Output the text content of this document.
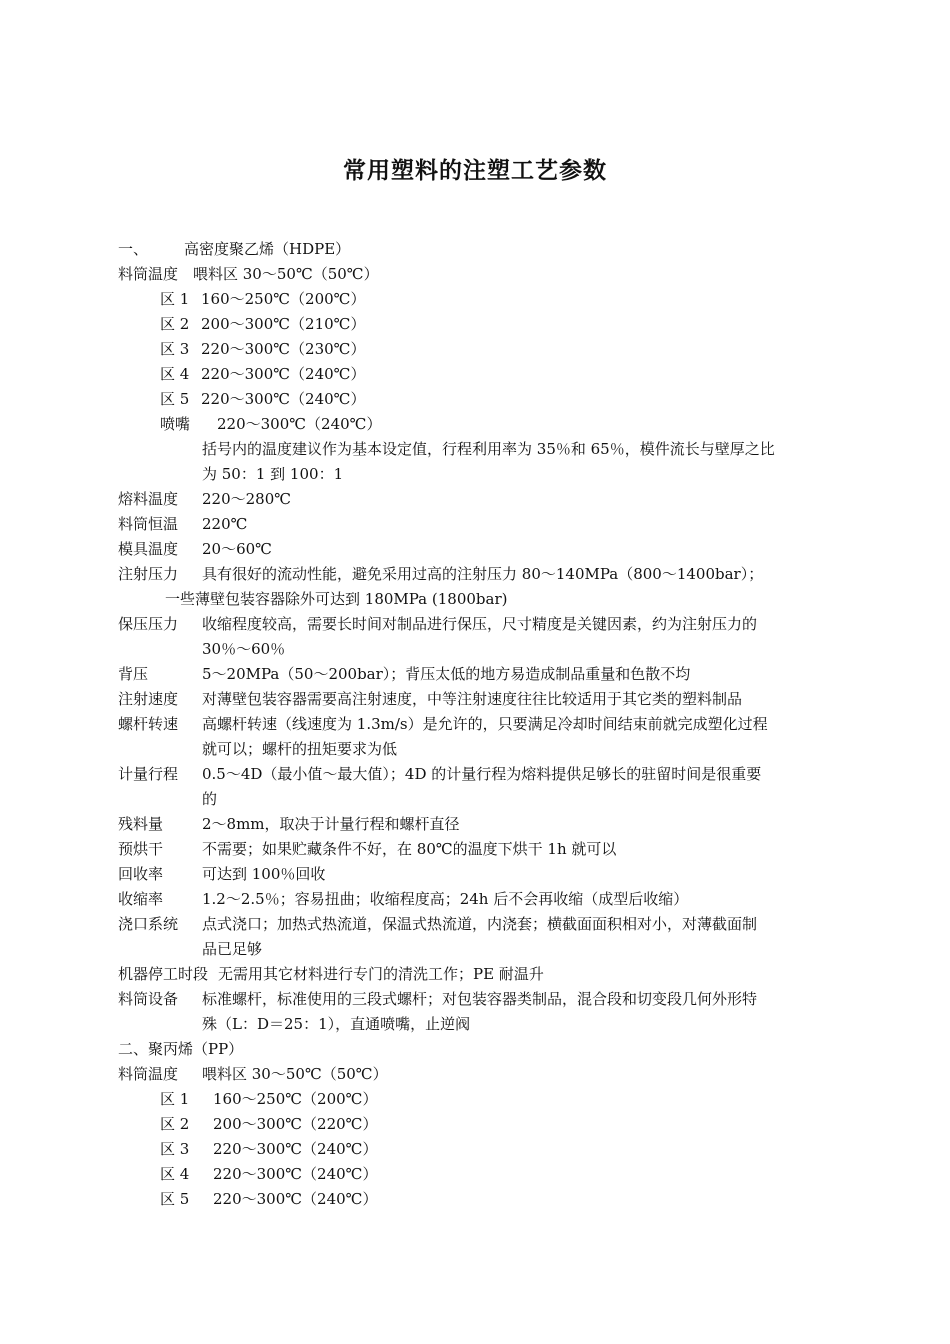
常用塑料的注塑工艺参数
一、 高密度聚乙烯（HDPE）
料筒温度 喂料区 30～50℃（50℃）
区 1 160～250℃（200℃）
区 2 200～300℃（210℃）
区 3 220～300℃（230℃）
区 4 220～300℃（240℃）
区 5 220～300℃（240℃）
喷嘴 220～300℃（240℃）
括号内的温度建议作为基本设定值，行程利用率为 35％和 65％，模件流长与壁厚之比
为 50：1 到 100：1
熔料温度 220～280℃
料筒恒温 220℃
模具温度 20～60℃
注射压力 具有很好的流动性能，避免采用过高的注射压力 80～140MPa（800～1400bar）；
一些薄壁包装容器除外可达到 180MPa (1800bar)
保压压力 收缩程度较高，需要长时间对制品进行保压，尺寸精度是关键因素，约为注射压力的
30％～60％
背压	5～20MPa（50～200bar）；背压太低的地方易造成制品重量和色散不均
注射速度 对薄壁包装容器需要高注射速度，中等注射速度往往比较适用于其它类的塑料制品
螺杆转速 高螺杆转速（线速度为 1.3m/s）是允许的，只要满足冷却时间结束前就完成塑化过程
就可以；螺杆的扭矩要求为低
计量行程 0.5～4D（最小值～最大值）；4D 的计量行程为熔料提供足够长的驻留时间是很重要
的
残料量	2～8mm，取决于计量行程和螺杆直径
预烘干	不需要；如果贮藏条件不好，在 80℃的温度下烘干 1h 就可以
回收率	可达到 100％回收
收缩率	1.2～2.5％；容易扭曲；收缩程度高；24h 后不会再收缩（成型后收缩）
浇口系统 点式浇口；加热式热流道，保温式热流道，内浇套；横截面面积相对小，对薄截面制
品已足够
机器停工时段 无需用其它材料进行专门的清洗工作；PE 耐温升
料筒设备 标准螺杆，标准使用的三段式螺杆；对包装容器类制品，混合段和切变段几何外形特
殊（L：D＝25：1），直通喷嘴，止逆阀
二、聚丙烯（PP）
料筒温度 喂料区 30～50℃（50℃）
区 1 160～250℃（200℃）
区 2 200～300℃（220℃）
区 3 220～300℃（240℃）
区 4 220～300℃（240℃）
区 5 220～300℃（240℃）
